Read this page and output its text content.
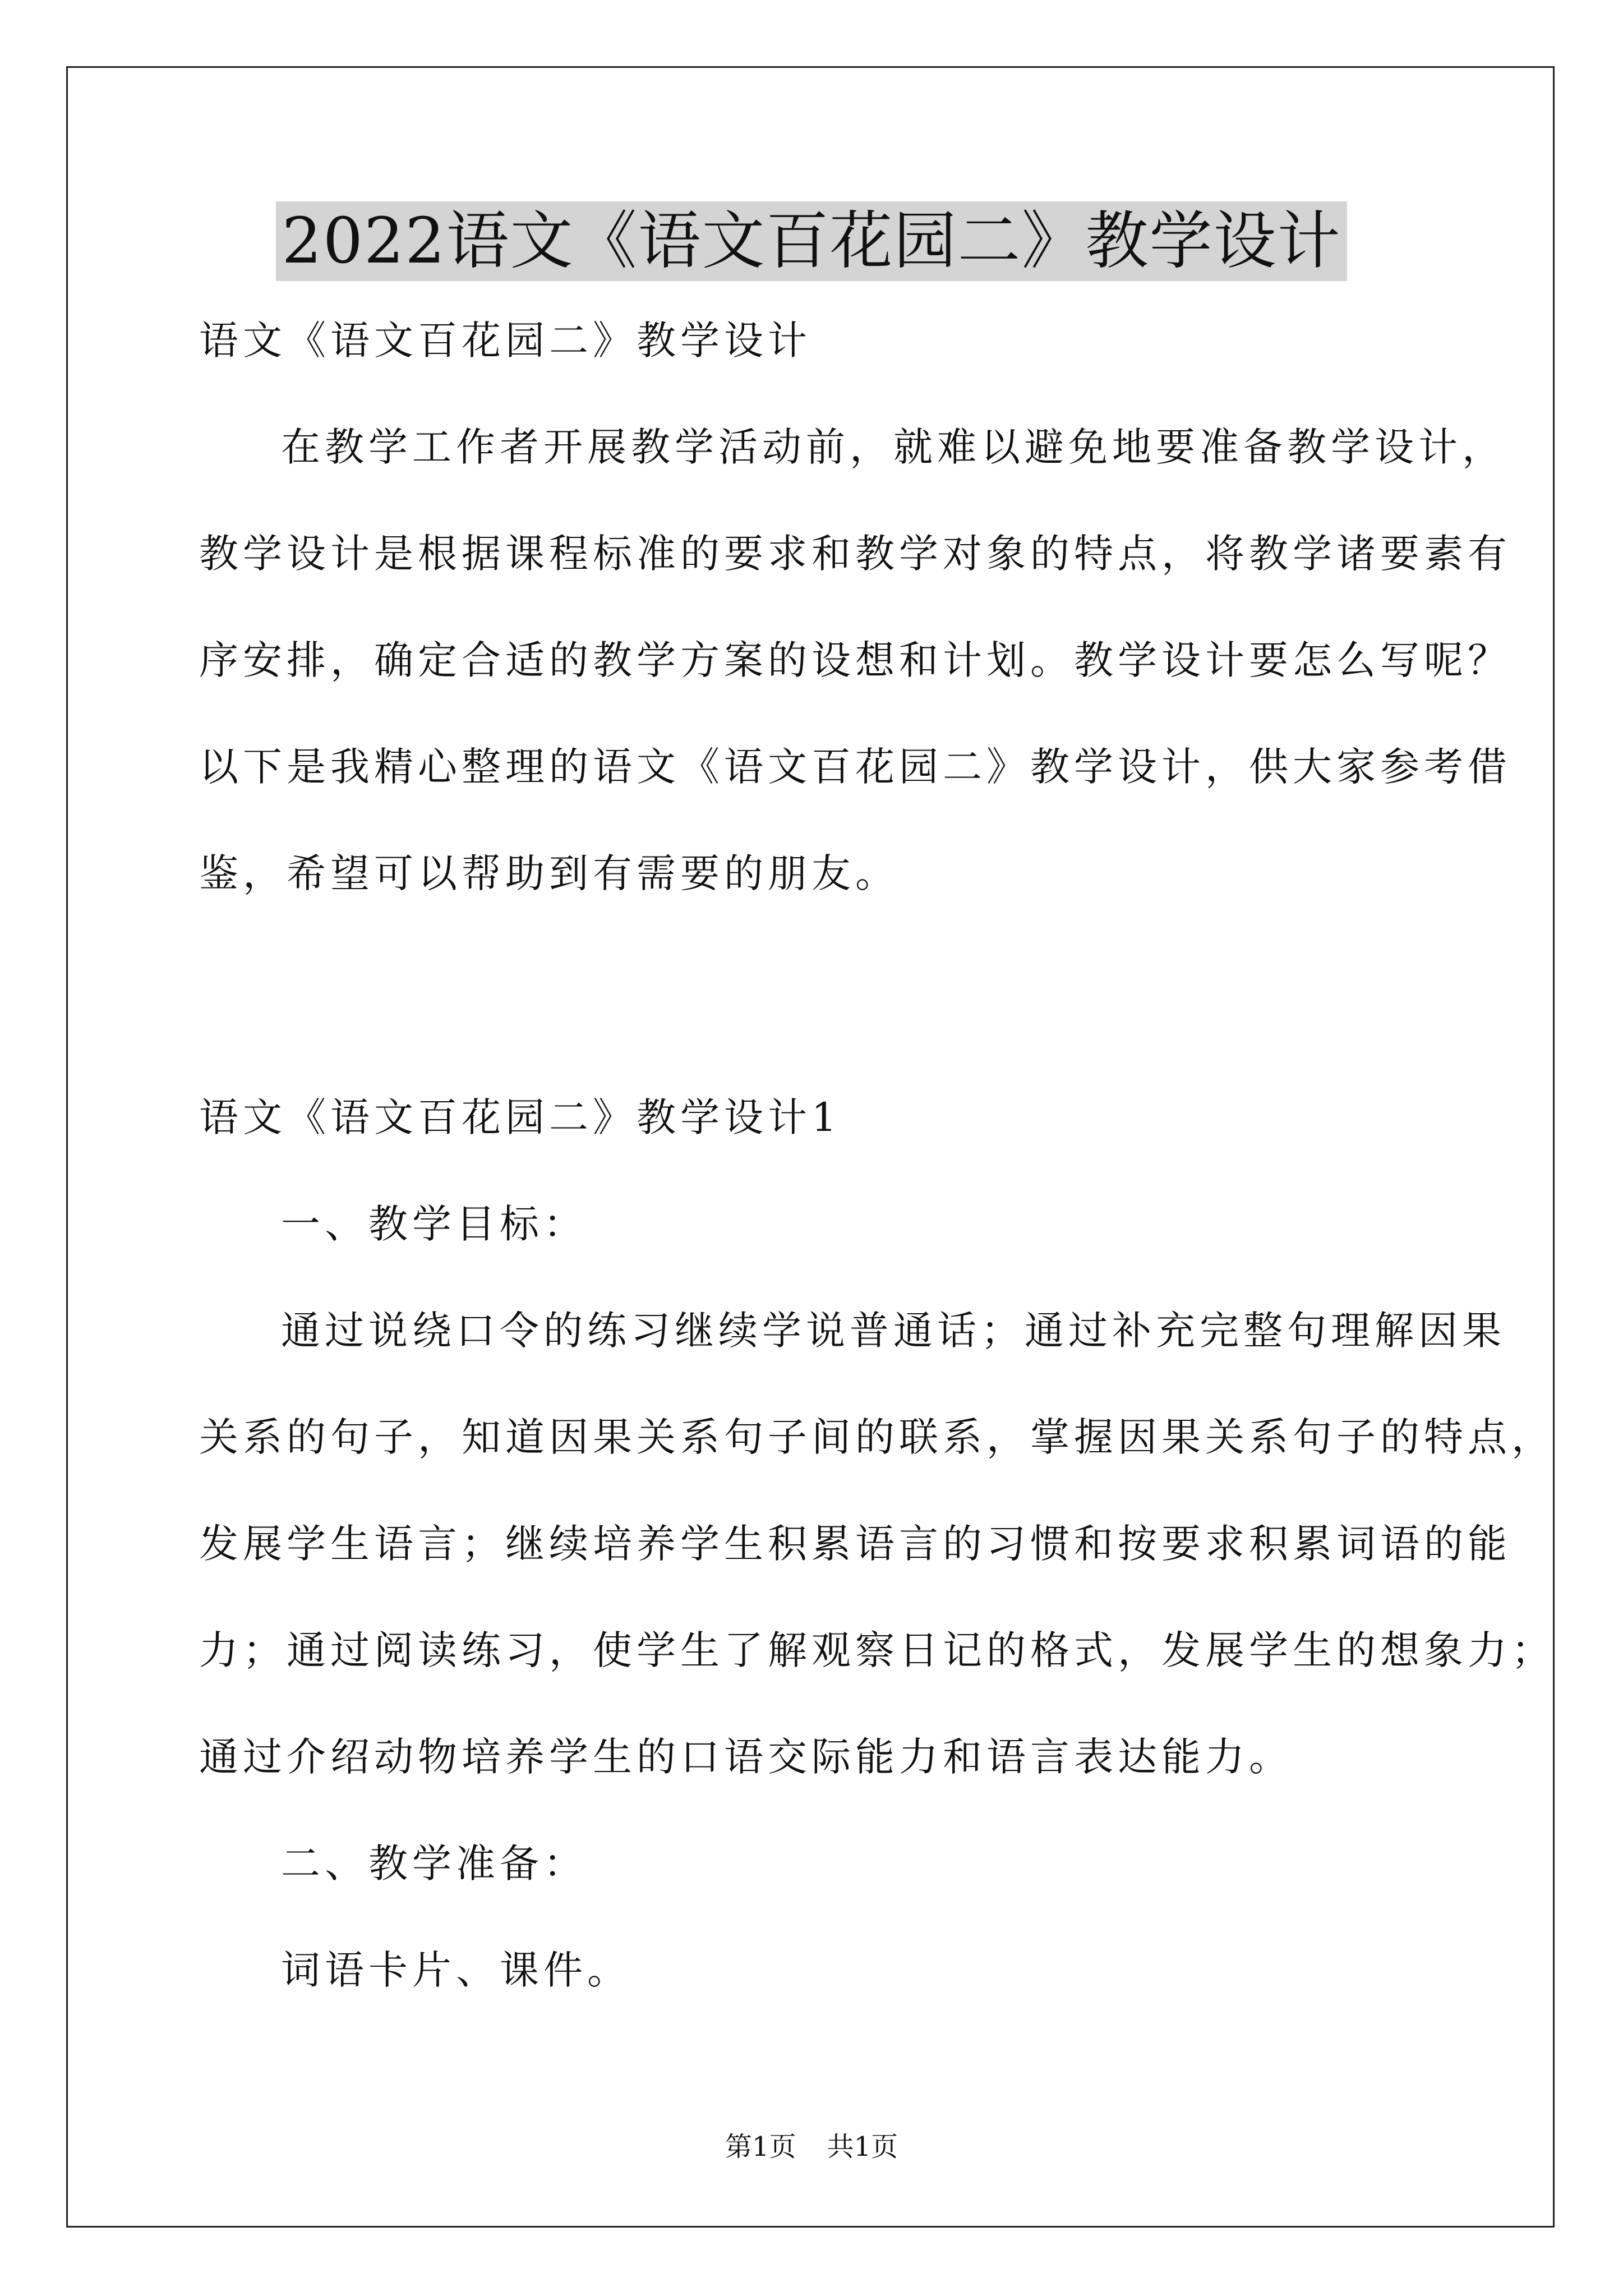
2022语文《语文百花园二》教学设计
语文《语文百花园二》教学设计
在教学工作者开展教学活动前，就难以避免地要准备教学设计，
教学设计是根据课程标准的要求和教学对象的特点，将教学诸要素有
序安排，确定合适的教学方案的设想和计划。教学设计要怎么写呢？
以下是我精心整理的语文《语文百花园二》教学设计，供大家参考借
鉴，希望可以帮助到有需要的朋友。
语文《语文百花园二》教学设计1
一、教学目标：
通过说绕口令的练习继续学说普通话；通过补充完整句理解因果
关系的句子，知道因果关系句子间的联系，掌握因果关系句子的特点，
发展学生语言；继续培养学生积累语言的习惯和按要求积累词语的能
力；通过阅读练习，使学生了解观察日记的格式，发展学生的想象力；
通过介绍动物培养学生的口语交际能力和语言表达能力。
二、教学准备：
词语卡片、课件。
第1页 共1页
